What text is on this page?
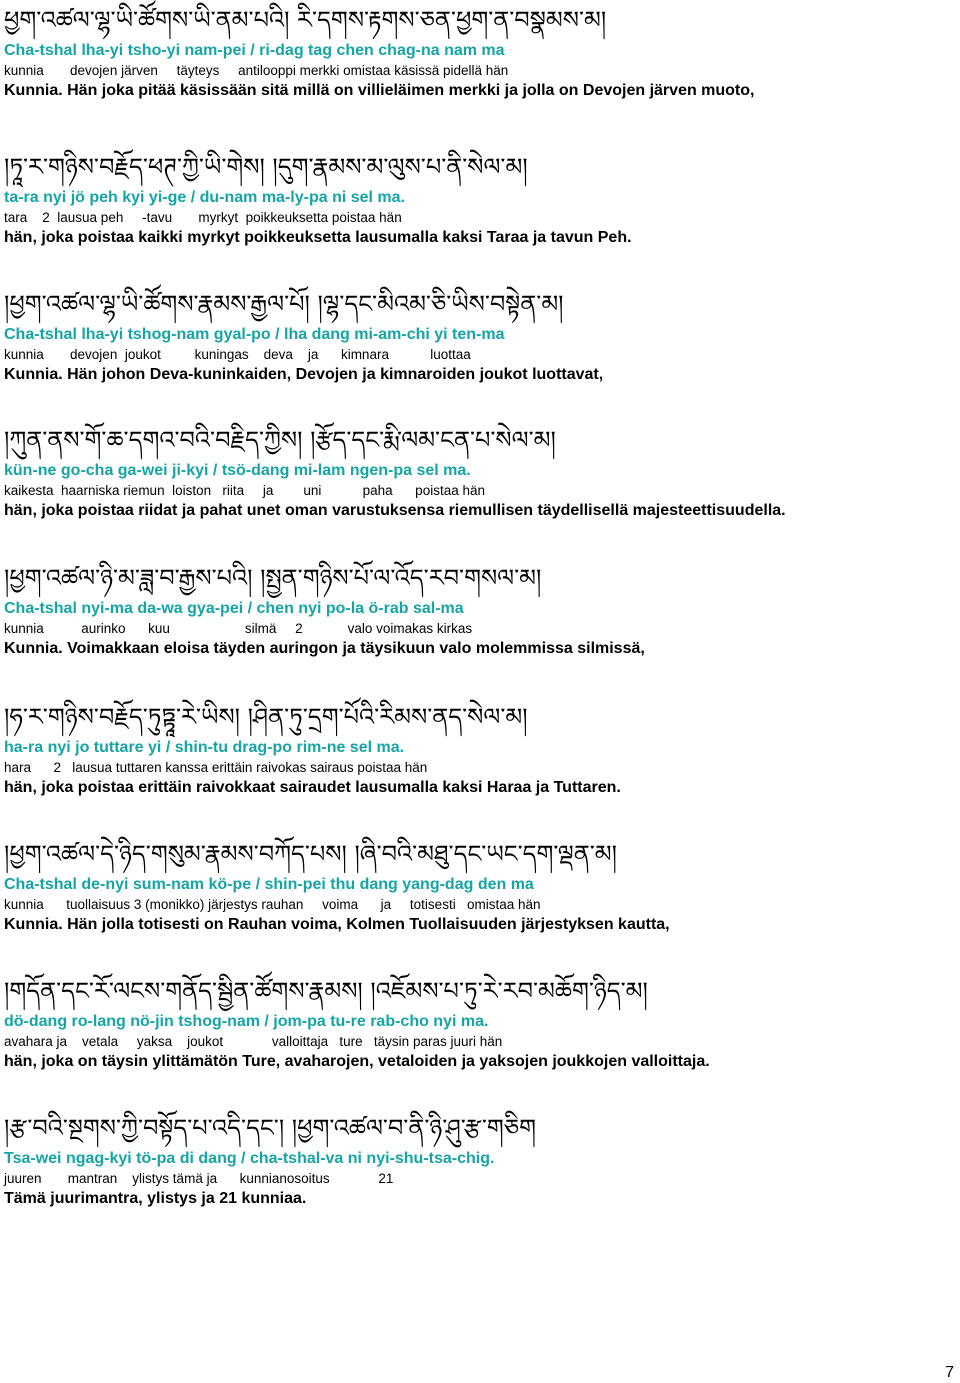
ཕྱག་འཚལ་ལྷ་ཡི་ཚོགས་ཡི་ནམ་པའི། རི་དགས་རྟགས་ཅན་ཕྱག་ན་བསྣམས་མ།
Cha-tshal lha-yi tsho-yi nam-pei / ri-dag tag chen chag-na nam ma
kunnia       devojen järven     täyteys     antilooppi merkki omistaa käsissä pidellä hän
Kunnia. Hän joka pitää käsissään sitä millä on villieläimen merkki ja jolla on Devojen järven muoto,
།ཏཱ་ར་གཉིས་བརྗོད་ཕཊ་ཀྱི་ཡི་གེས། །དུག་རྣམས་མ་ལུས་པ་ནི་སེལ་མ།
ta-ra nyi jö peh kyi yi-ge / du-nam ma-ly-pa ni sel ma.
tara    2  lausua peh     -tavu       myrkyt  poikkeuksetta poistaa hän
hän, joka poistaa kaikki myrkyt poikkeuksetta lausumalla kaksi Taraa ja tavun Peh.
།ཕྱག་འཚལ་ལྷ་ཡི་ཚོགས་རྣམས་རྒྱལ་པོ། །ལྷ་དང་མིའམ་ཅི་ཡིས་བསྟེན་མ།
Cha-tshal lha-yi tshog-nam gyal-po / lha dang mi-am-chi yi ten-ma
kunnia       devojen  joukot         kuningas    deva    ja      kimnara           luottaa
Kunnia. Hän johon Deva-kuninkaiden, Devojen ja kimnaroiden joukot luottavat,
།ཀུན་ནས་གོ་ཆ་དགའ་བའི་བརྗིད་ཀྱིས། །རྩོད་དང་རྨི་ལམ་ངན་པ་སེལ་མ།
kün-ne go-cha ga-wei ji-kyi / tsö-dang mi-lam ngen-pa sel ma.
kaikesta  haarniska riemun  loiston   riita     ja        uni           paha      poistaa hän
hän, joka poistaa riidat ja pahat unet oman varustuksensa riemullisen täydellisellä majesteettisuudella.
།ཕྱག་འཚལ་ཉི་མ་ཟླ་བ་རྒྱས་པའི། །སྤྱན་གཉིས་པོ་ལ་འོད་རབ་གསལ་མ།
Cha-tshal nyi-ma da-wa gya-pei / chen nyi po-la ö-rab sal-ma
kunnia          aurinko      kuu                    silmä     2            valo voimakas kirkas
Kunnia. Voimakkaan eloisa täyden auringon ja täysikuun valo molemmissa silmissä,
།ཧ་ར་གཉིས་བརྗོད་ཏུཏྟཱ་རེ་ཡིས། །ཤིན་ཏུ་དྲག་པོའི་རིམས་ནད་སེལ་མ།
ha-ra nyi jo tuttare yi / shin-tu drag-po rim-ne sel ma.
hara      2   lausua tuttaren kanssa erittäin raivokas sairaus poistaa hän
hän, joka poistaa erittäin raivokkaat sairaudet lausumalla kaksi Haraa ja Tuttaren.
།ཕྱག་འཚལ་དེ་ཉིད་གསུམ་རྣམས་བཀོད་པས། །ཞི་བའི་མཐུ་དང་ཡང་དག་ལྡན་མ།
Cha-tshal de-nyi sum-nam kö-pe / shin-pei thu dang yang-dag den ma
kunnia      tuollaisuus 3 (monikko) järjestys rauhan     voima      ja     totisesti   omistaa hän
Kunnia. Hän jolla totisesti on Rauhan voima, Kolmen Tuollaisuuden järjestyksen kautta,
།གདོན་དང་རོ་ལངས་གནོད་སྦྱིན་ཚོགས་རྣམས། །འཇོམས་པ་ཏུ་རེ་རབ་མཆོག་ཉིད་མ།
dö-dang ro-lang nö-jin tshog-nam / jom-pa tu-re rab-cho nyi ma.
avahara ja    vetala     yaksa    joukot             valloittaja   ture   täysin paras juuri hän
hän, joka on täysin ylittämätön Ture, avaharojen, vetaloiden ja yaksojen joukkojen valloittaja.
།རྩ་བའི་སྔགས་ཀྱི་བསྟོད་པ་འདི་དང་། །ཕྱག་འཚལ་བ་ནི་ཉི་ཤུ་རྩ་གཅིག
Tsa-wei ngag-kyi tö-pa di dang / cha-tshal-va ni nyi-shu-tsa-chig.
juuren       mantran    ylistys tämä ja      kunnianosoitus             21
Tämä juurimantra, ylistys ja 21 kunniaa.
7
